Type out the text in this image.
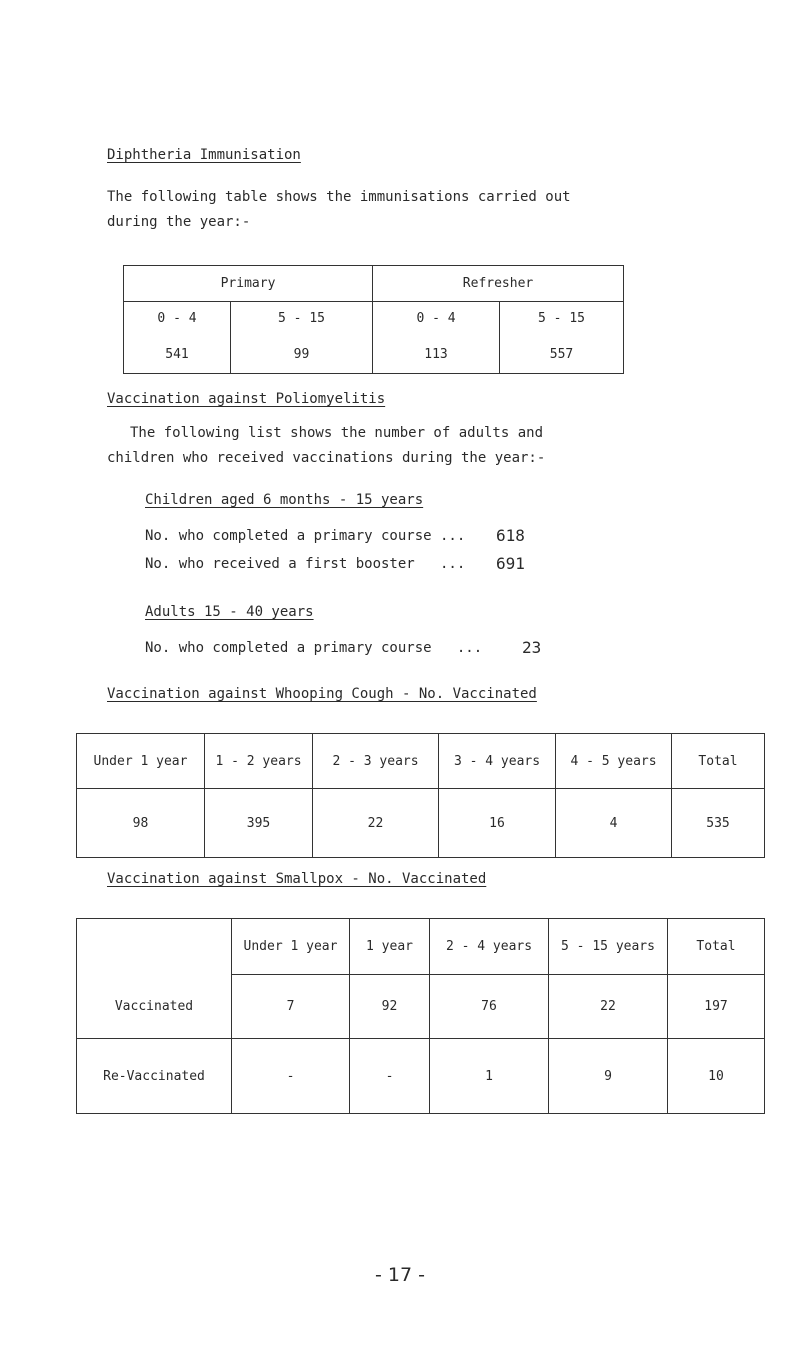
Diphtheria Immunisation
The following table shows the immunisations carried out
during the year:-
Primary		Refresher	
0 - 4	5 - 15	0 - 4	5 - 15
541	99	113	557
Vaccination against Poliomyelitis
The following list shows the number of adults and
children who received vaccinations during the year:-
Children aged 6 months - 15 years
No. who completed a primary course ... 618
No. who received a first booster   ... 691
Adults 15 - 40 years
No. who completed a primary course   ... 23
Vaccination against Whooping Cough - No. Vaccinated
Under 1 year	1 - 2 years	2 - 3 years	3 - 4 years	4 - 5 years	Total
98	395	22	16	4	535
Vaccination against Smallpox - No. Vaccinated
	Under 1 year	1 year	2 - 4 years	5 - 15 years	Total
Vaccinated	7	92	76	22	197
Re-Vaccinated	-	-	1	9	10
- 17 -
